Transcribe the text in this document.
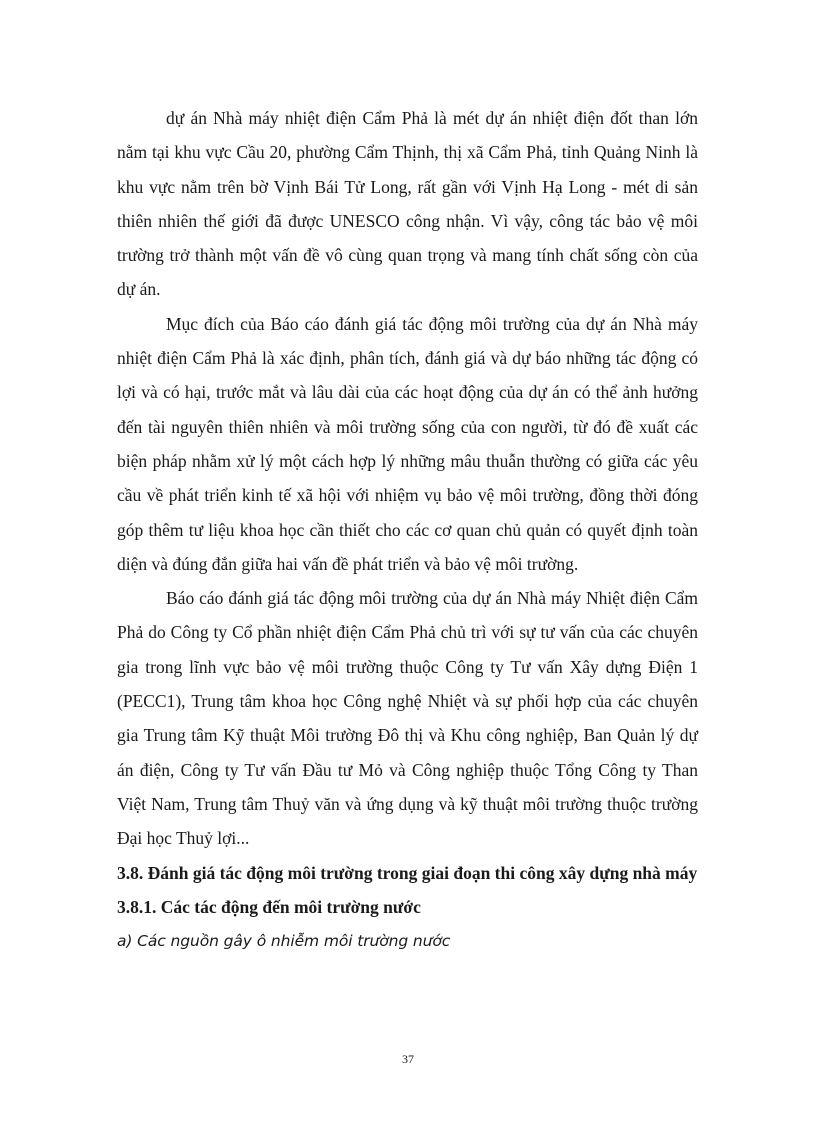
dự án Nhà máy nhiệt điện Cẩm Phả là mét dự án nhiệt điện đốt than lớn nằm tại khu vực Cầu 20, phường Cẩm Thịnh, thị xã Cẩm Phả, tỉnh Quảng Ninh là khu vực nằm trên bờ Vịnh Bái Tử Long, rất gần với Vịnh Hạ Long - mét di sản thiên nhiên thế giới đã được UNESCO công nhận. Vì vậy, công tác bảo vệ môi trường trở thành một vấn đề vô cùng quan trọng và mang tính chất sống còn của dự án.

Mục đích của Báo cáo đánh giá tác động môi trường của dự án Nhà máy nhiệt điện Cẩm Phả là xác định, phân tích, đánh giá và dự báo những tác động có lợi và có hại, trước mắt và lâu dài của các hoạt động của dự án có thể ảnh hưởng đến tài nguyên thiên nhiên và môi trường sống của con người, từ đó đề xuất các biện pháp nhằm xử lý một cách hợp lý những mâu thuẫn thường có giữa các yêu cầu về phát triển kinh tế xã hội với nhiệm vụ bảo vệ môi trường, đồng thời đóng góp thêm tư liệu khoa học cần thiết cho các cơ quan chủ quản có quyết định toàn diện và đúng đắn giữa hai vấn đề phát triển và bảo vệ môi trường.

Báo cáo đánh giá tác động môi trường của dự án Nhà máy Nhiệt điện Cẩm Phả do Công ty Cổ phần nhiệt điện Cẩm Phả chủ trì với sự tư vấn của các chuyên gia trong lĩnh vực bảo vệ môi trường thuộc Công ty Tư vấn Xây dựng Điện 1 (PECC1), Trung tâm khoa học Công nghệ Nhiệt và sự phối hợp của các chuyên gia Trung tâm Kỹ thuật Môi trường Đô thị và Khu công nghiệp, Ban Quản lý dự án điện, Công ty Tư vấn Đầu tư Mỏ và Công nghiệp thuộc Tổng Công ty Than Việt Nam, Trung tâm Thuỷ văn và ứng dụng và kỹ thuật môi trường thuộc trường Đại học Thuỷ lợi...

3.8. Đánh giá tác động môi trường trong giai đoạn thi công xây dựng nhà máy

3.8.1. Các tác động đến môi trường nước

a) Các nguồn gây ô nhiễm môi trường nước

37
